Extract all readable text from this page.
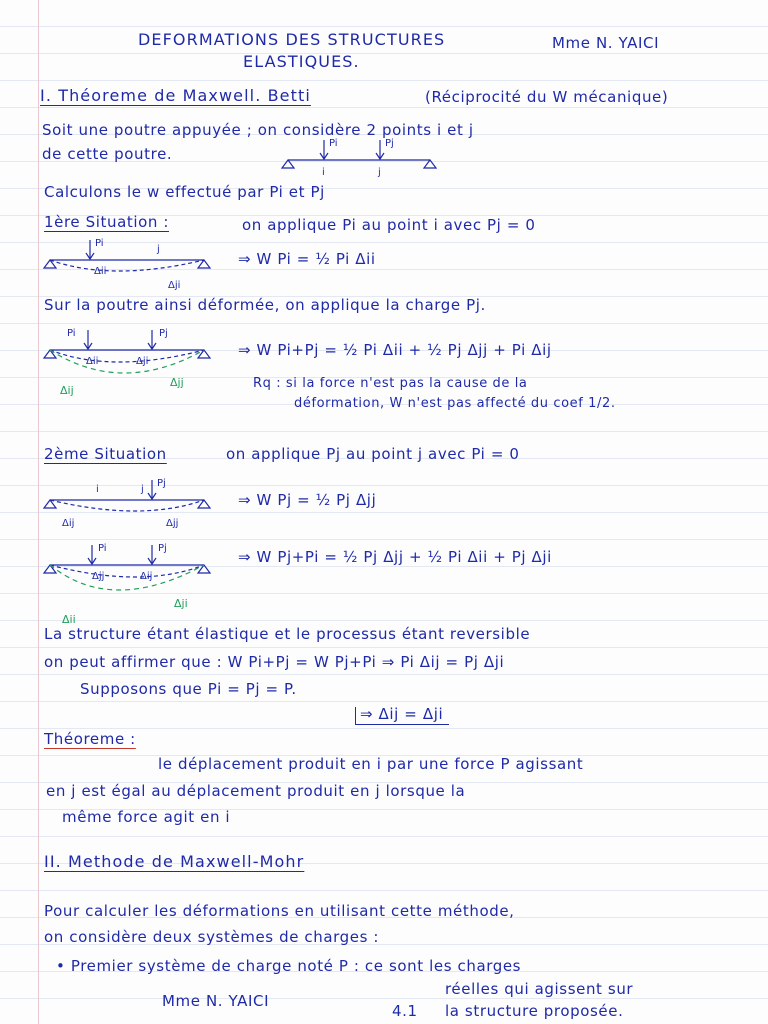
DEFORMATIONS DES STRUCTURES
ELASTIQUES.
Mme N. YAICI
I. Théoreme de Maxwell. Betti	(Réciprocité du W mécanique)
Soit une poutre appuyée ; on considère 2 points i et j
de cette poutre.
Pi	Pj
i	j
Calculons le w effectué par Pi et Pj
1ère Situation :	on applique Pi au point i avec Pj = 0
Pi
j
Δii
Δji
⇒ W Pi = ½ Pi Δii
Sur la poutre ainsi déformée, on applique la charge Pj.
Pi	Pj
Δii	Δji
Δij
Δjj
⇒ W Pi+Pj = ½ Pi Δii + ½ Pj Δjj + Pi Δij
Rq : si la force n'est pas la cause de la
déformation, W n'est pas affecté du coef 1/2.
2ème Situation	on applique Pj au point j avec Pi = 0
i	j
Pj
Δij	Δjj
⇒ W Pj = ½ Pj Δjj
Pi	Pj
Δjj	Δij
Δii
Δji
⇒ W Pj+Pi = ½ Pj Δjj + ½ Pi Δii + Pj Δji
La structure étant élastique et le processus étant reversible
on peut affirmer que : W Pi+Pj = W Pj+Pi ⇒ Pi Δij = Pj Δji
Supposons que Pi = Pj = P.
⇒ Δij = Δji
Théoreme :
le déplacement produit en i par une force P agissant
en j est égal au déplacement produit en j lorsque la
même force agit en i
II. Methode de Maxwell-Mohr
Pour calculer les déformations en utilisant cette méthode,
on considère deux systèmes de charges :
• Premier système de charge noté P : ce sont les charges
réelles qui agissent sur
la structure proposée.
Mme N. YAICI
4.1
